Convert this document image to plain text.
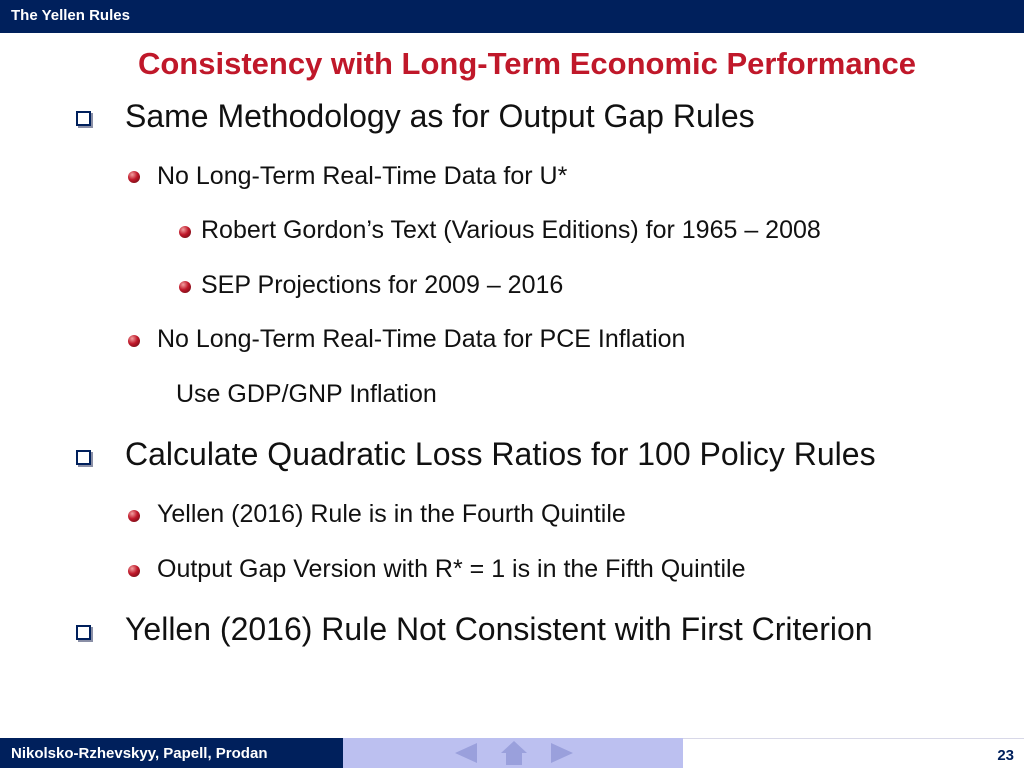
The Yellen Rules
Consistency with Long-Term Economic Performance
Same Methodology as for Output Gap Rules
No Long-Term Real-Time Data for U*
Robert Gordon’s Text (Various Editions) for 1965 – 2008
SEP Projections for 2009 – 2016
No Long-Term Real-Time Data for PCE Inflation
Use GDP/GNP Inflation
Calculate Quadratic Loss Ratios for 100 Policy Rules
Yellen (2016) Rule is in the Fourth Quintile
Output Gap Version with R* = 1 is in the Fifth Quintile
Yellen (2016) Rule Not Consistent with First Criterion
Nikolsko-Rzhevskyy, Papell, Prodan	23
